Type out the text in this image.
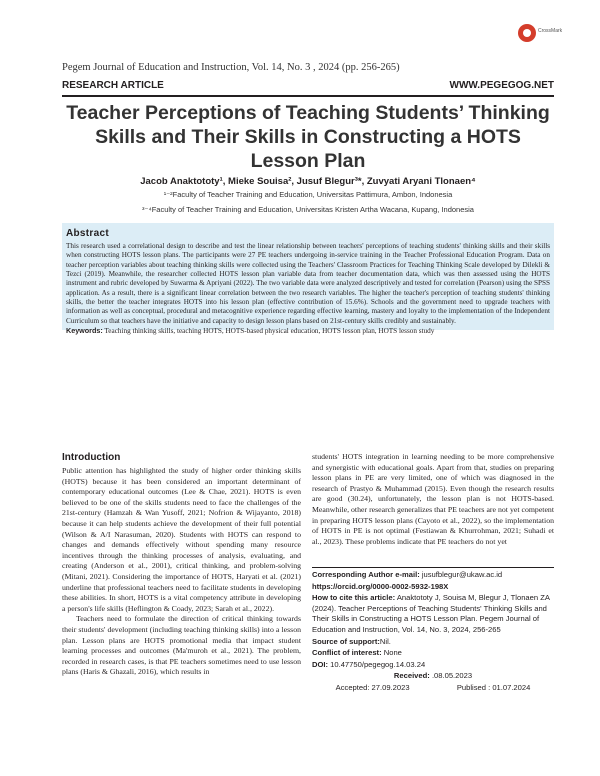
CrossMark
Pegem Journal of Education and Instruction, Vol. 14, No. 3 , 2024 (pp. 256-265)
RESEARCH ARTICLE	WWW.PEGEGOG.NET
Teacher Perceptions of Teaching Students’ Thinking Skills and Their Skills in Constructing a HOTS Lesson Plan
Jacob Anaktototy¹, Mieke Souisa², Jusuf Blegur³*, Zuvyati Aryani Tlonaen⁴
¹⁻²Faculty of Teacher Training and Education, Universitas Pattimura, Ambon, Indonesia
³⁻⁴Faculty of Teacher Training and Education, Universitas Kristen Artha Wacana, Kupang, Indonesia
Abstract
This research used a correlational design to describe and test the linear relationship between teachers' perceptions of teaching students' thinking skills and their skills when constructing HOTS lesson plans. The participants were 27 PE teachers undergoing in-service training in the Teacher Professional Education Program. Data on teacher perception variables about teaching thinking skills were collected using the Teachers' Classroom Practices for Teaching Thinking Scale developed by Dilekli & Tezci (2019). Meanwhile, the researcher collected HOTS lesson plan variable data from teacher documentation data, which was then assessed using the HOTS instrument and rubric developed by Suwarma & Apriyani (2022). The two variable data were analyzed descriptively and tested for correlation (Pearson) using the SPSS application. As a result, there is a significant linear correlation between the two research variables. The higher the teacher's perception of teaching students' thinking skills, the better the teacher integrates HOTS into his lesson plan (effective contribution of 15.6%). Schools and the government need to upgrade teachers with information as well as conceptual, procedural and metacognitive experience regarding effective learning, mastery and loyalty to the implementation of the Independent Curriculum so that teachers have the initiative and capacity to design lesson plans based on 21st-century skills credibly and sustainably.
Keywords: Teaching thinking skills, teaching HOTS, HOTS-based physical education, HOTS lesson plan, HOTS lesson study
Introduction

Public attention has highlighted the study of higher order thinking skills (HOTS) because it has been considered an important determinant of contemporary educational outcomes (Lee & Chae, 2021). HOTS is even believed to be one of the skills students need to face the challenges of the 21st-century (Hamzah & Wan Yusoff, 2021; Nofrion & Wijayanto, 2018) because it can help students achieve the development of their full potential (Wilson & A/I Narasuman, 2020). Students with HOTS can respond to changes and demands effectively without spending many resource incentives through the thinking processes of analysis, evaluating, and creating (Anderson et al., 2001), critical thinking, and problem-solving (Mitani, 2021). Considering the importance of HOTS, Haryati et al. (2021) underline that professional teachers need to facilitate students in developing these abilities. In short, HOTS is a vital competency attribute in developing a person's life skills (Heflington & Coady, 2023; Sarah et al., 2022).

Teachers need to formulate the direction of critical thinking towards their students' development (including teaching thinking skills) into a lesson plan. Lesson plans are HOTS promotional media that impact student learning processes and outcomes (Ma'muroh et al., 2021). The problem, recorded in research cases, is that PE teachers sometimes need to use lesson plans (Haris & Ghazali, 2016), which results in

students' HOTS integration in learning needing to be more comprehensive and synergistic with educational goals. Apart from that, studies on preparing lesson plans in PE are very limited, one of which was diagnosed in the research of Prastyo & Muhammad (2015). Even though the research results are good (30.24), unfortunately, the lesson plan is not HOTS-based. Meanwhile, other research generalizes that PE teachers are not yet competent in preparing HOTS lesson plans (Cayoto et al., 2022), so the implementation of HOTS in PE is not optimal (Festiawan & Khurrohman, 2021; Suhadi et al., 2023). These problems indicate that PE teachers do not yet

Corresponding Author e-mail: jusufblegur@ukaw.ac.id
https://orcid.org/0000-0002-5932-198X
How to cite this article: Anaktototy J, Souisa M, Blegur J, Tlonaen ZA (2024). Teacher Perceptions of Teaching Students' Thinking Skills and Their Skills in Constructing a HOTS Lesson Plan. Pegem Journal of Education and Instruction, Vol. 14, No. 3, 2024, 256-265
Source of support:Nil.
Conflict of interest: None
DOI: 10.47750/pegegog.14.03.24
Received: .08.05.2023
Accepted: 27.09.2023	Publised : 01.07.2024
